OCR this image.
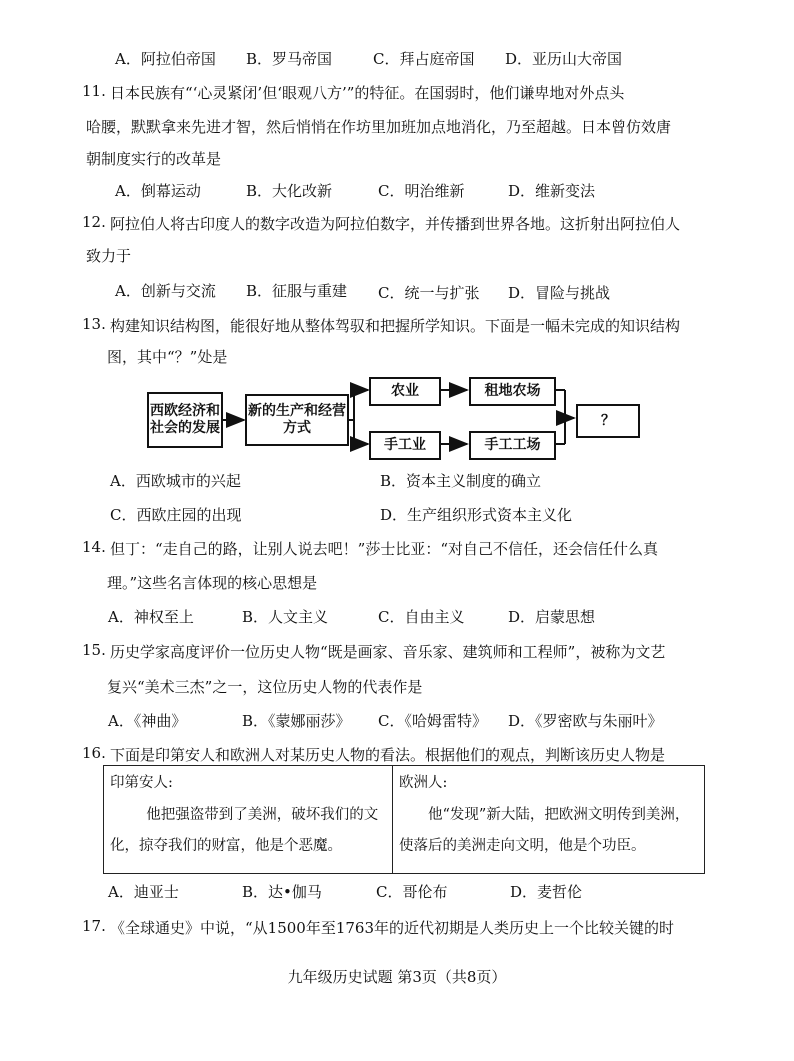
A．阿拉伯帝国 B．罗马帝国	C．拜占庭帝国 D．亚历山大帝国
11. 日本民族有“‘心灵紧闭’但‘眼观八方’”的特征。在国弱时，他们谦卑地对外点头
哈腰，默默拿来先进才智，然后悄悄在作坊里加班加点地消化，乃至超越。日本曾仿效唐
朝制度实行的改革是
A．倒幕运动	B．大化改新	C．明治维新	D．维新变法
12. 阿拉伯人将古印度人的数字改造为阿拉伯数字，并传播到世界各地。这折射出阿拉伯人
致力于
A．创新与交流 B．征服与重建 C．统一与扩张 D．冒险与挑战
13. 构建知识结构图，能很好地从整体驾驭和把握所学知识。下面是一幅未完成的知识结构
图，其中“？”处是
西欧经济和社会的发展
新的生产和经营方式
农业	租地农场
手工业	手工工场
？
A．西欧城市的兴起	B．资本主义制度的确立
C．西欧庄园的出现	D．生产组织形式资本主义化
14. 但丁：“走自己的路，让别人说去吧！”莎士比亚：“对自己不信任，还会信任什么真
理。”这些名言体现的核心思想是
A．神权至上	B．人文主义	C．自由主义	D．启蒙思想
15. 历史学家高度评价一位历史人物“既是画家、音乐家、建筑师和工程师”，被称为文艺
复兴“美术三杰”之一，这位历史人物的代表作是
A．《神曲》	B．《蒙娜丽莎》 C．《哈姆雷特》 D．《罗密欧与朱丽叶》
16. 下面是印第安人和欧洲人对某历史人物的看法。根据他们的观点，判断该历史人物是
印第安人:
他把强盗带到了美洲，破坏我们的文化，掠夺我们的财富，他是个恶魔。
欧洲人:
他“发现”新大陆，把欧洲文明传到美洲，使落后的美洲走向文明，他是个功臣。
A．迪亚士	B．达•伽马	C．哥伦布	D．麦哲伦
17. 《全球通史》中说，“从1500年至1763年的近代初期是人类历史上一个比较关键的时
九年级历史试题 第3页（共8页）
